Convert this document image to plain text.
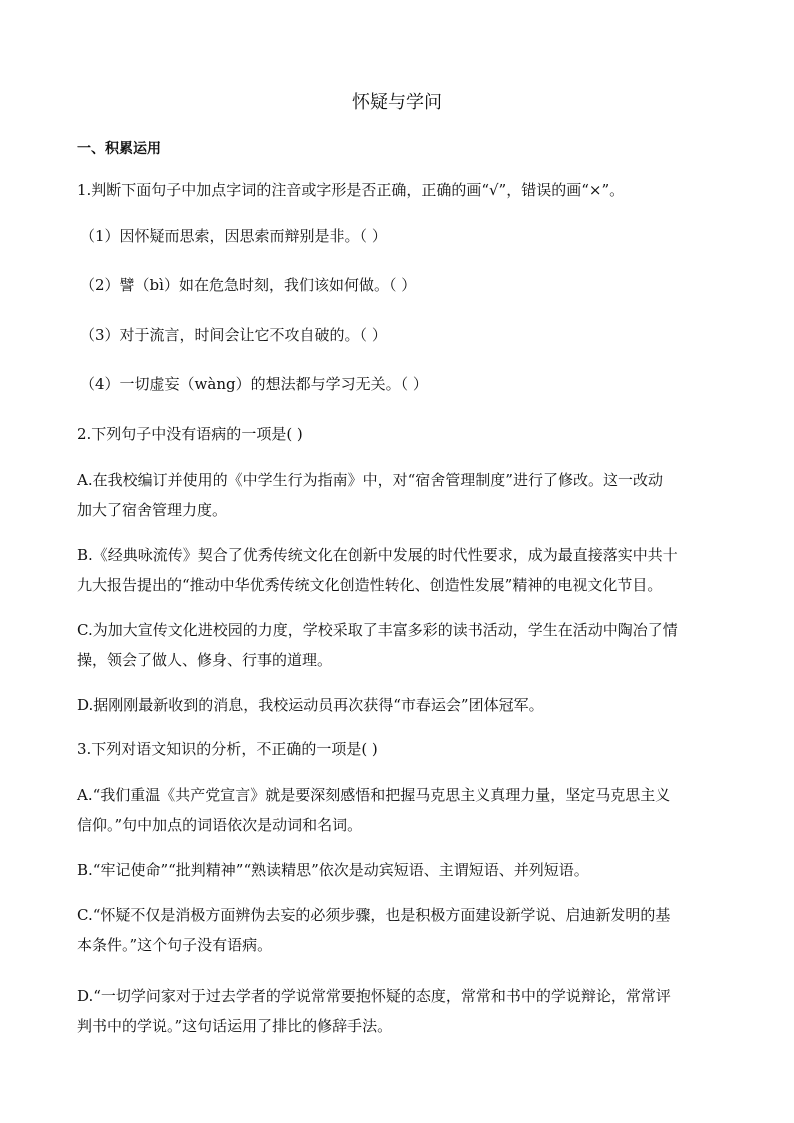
怀疑与学问
一、积累运用
1.判断下面句子中加点字词的注音或字形是否正确，正确的画“√”，错误的画“×”。
（1）因怀疑而思索，因思索而辩别是非。（ ）
（2）譬（bì）如在危急时刻，我们该如何做。（ ）
（3）对于流言，时间会让它不攻自破的。（ ）
（4）一切虚妄（wàng）的想法都与学习无关。（ ）
2.下列句子中没有语病的一项是( )
A.在我校编订并使用的《中学生行为指南》中，对“宿舍管理制度”进行了修改。这一改动
加大了宿舍管理力度。
B.《经典咏流传》契合了优秀传统文化在创新中发展的时代性要求，成为最直接落实中共十
九大报告提出的“推动中华优秀传统文化创造性转化、创造性发展”精神的电视文化节目。
C.为加大宣传文化进校园的力度，学校采取了丰富多彩的读书活动，学生在活动中陶冶了情
操，领会了做人、修身、行事的道理。
D.据刚刚最新收到的消息，我校运动员再次获得“市春运会”团体冠军。
3.下列对语文知识的分析，不正确的一项是( )
A.“我们重温《共产党宣言》就是要深刻感悟和把握马克思主义真理力量，坚定马克思主义
信仰。”句中加点的词语依次是动词和名词。
B.“牢记使命”“批判精神”“熟读精思”依次是动宾短语、主谓短语、并列短语。
C.“怀疑不仅是消极方面辨伪去妄的必须步骤，也是积极方面建设新学说、启迪新发明的基
本条件。”这个句子没有语病。
D.“一切学问家对于过去学者的学说常常要抱怀疑的态度，常常和书中的学说辩论，常常评
判书中的学说。”这句话运用了排比的修辞手法。
